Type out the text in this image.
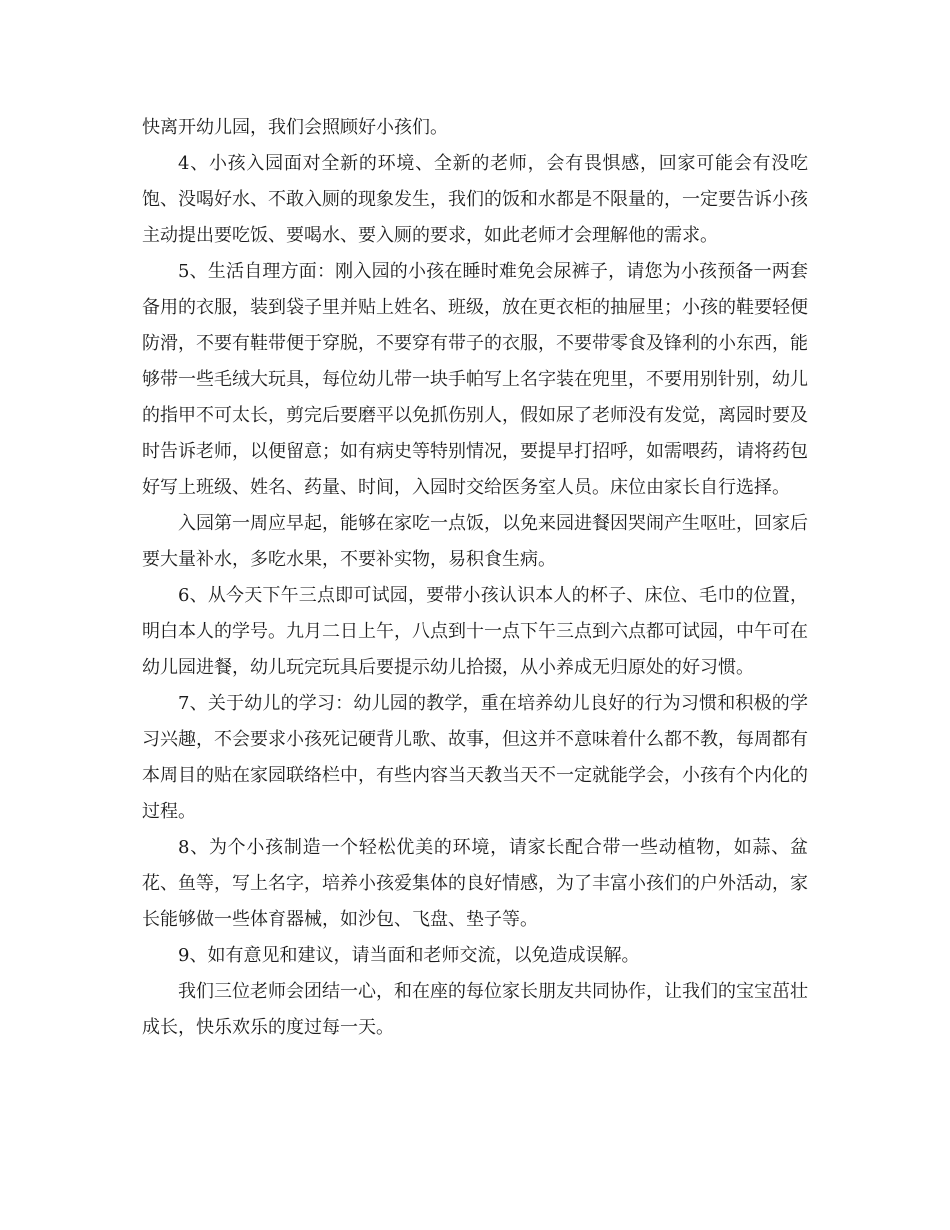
快离开幼儿园，我们会照顾好小孩们。

4、小孩入园面对全新的环境、全新的老师，会有畏惧感，回家可能会有没吃饱、没喝好水、不敢入厕的现象发生，我们的饭和水都是不限量的，一定要告诉小孩主动提出要吃饭、要喝水、要入厕的要求，如此老师才会理解他的需求。

5、生活自理方面：刚入园的小孩在睡时难免会尿裤子，请您为小孩预备一两套备用的衣服，装到袋子里并贴上姓名、班级，放在更衣柜的抽屉里；小孩的鞋要轻便防滑，不要有鞋带便于穿脱，不要穿有带子的衣服，不要带零食及锋利的小东西，能够带一些毛绒大玩具，每位幼儿带一块手帕写上名字装在兜里，不要用别针别，幼儿的指甲不可太长，剪完后要磨平以免抓伤别人，假如尿了老师没有发觉，离园时要及时告诉老师，以便留意；如有病史等特别情况，要提早打招呼，如需喂药，请将药包好写上班级、姓名、药量、时间，入园时交给医务室人员。床位由家长自行选择。

入园第一周应早起，能够在家吃一点饭，以免来园进餐因哭闹产生呕吐，回家后要大量补水，多吃水果，不要补实物，易积食生病。

6、从今天下午三点即可试园，要带小孩认识本人的杯子、床位、毛巾的位置，明白本人的学号。九月二日上午，八点到十一点下午三点到六点都可试园，中午可在幼儿园进餐，幼儿玩完玩具后要提示幼儿拾掇，从小养成无归原处的好习惯。

7、关于幼儿的学习：幼儿园的教学，重在培养幼儿良好的行为习惯和积极的学习兴趣，不会要求小孩死记硬背儿歌、故事，但这并不意味着什么都不教，每周都有本周目的贴在家园联络栏中，有些内容当天教当天不一定就能学会，小孩有个内化的过程。

8、为个小孩制造一个轻松优美的环境，请家长配合带一些动植物，如蒜、盆花、鱼等，写上名字，培养小孩爱集体的良好情感，为了丰富小孩们的户外活动，家长能够做一些体育器械，如沙包、飞盘、垫子等。

9、如有意见和建议，请当面和老师交流，以免造成误解。

我们三位老师会团结一心，和在座的每位家长朋友共同协作，让我们的宝宝茁壮成长，快乐欢乐的度过每一天。
